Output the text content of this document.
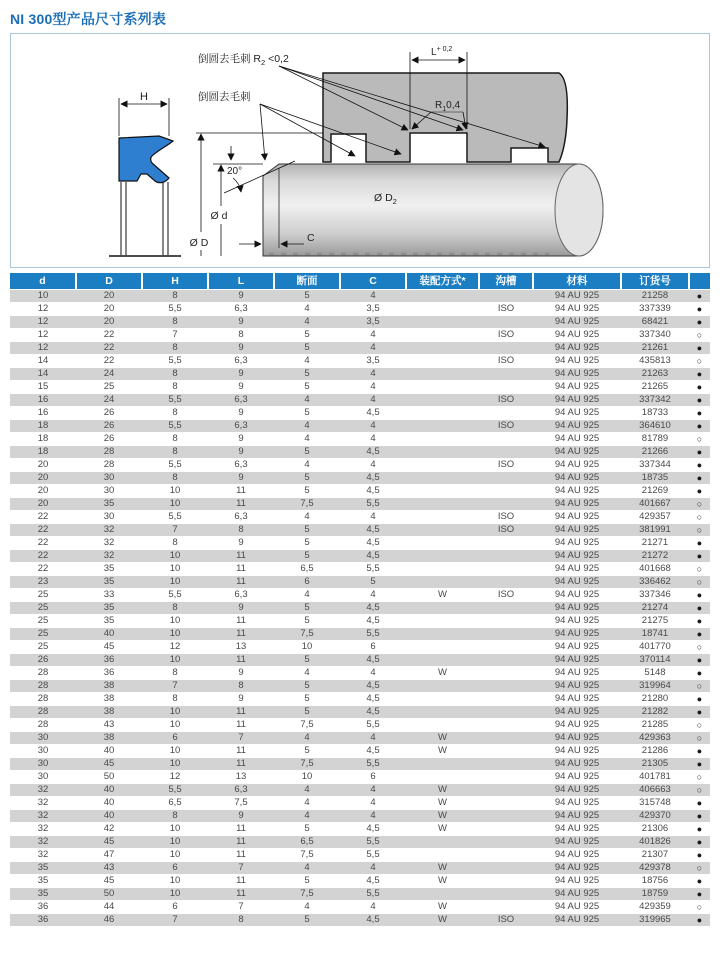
NI 300型产品尺寸系列表
H
倒圆去毛刺 $R_2 <0,2$
倒圆去毛刺
$L^{+ 0,2}$
$R_10,4$
Ø D
Ø d
20°
C
Ø $D_2$
d	D	H	L	断面	C	装配方式*	沟槽	材料	订货号	
10	20	8	9	5	4			94 AU 925	21258	●
12	20	5,5	6,3	4	3,5		ISO	94 AU 925	337339	●
12	20	8	9	4	3,5			94 AU 925	68421	●
12	22	7	8	5	4		ISO	94 AU 925	337340	○
12	22	8	9	5	4			94 AU 925	21261	●
14	22	5,5	6,3	4	3,5		ISO	94 AU 925	435813	○
14	24	8	9	5	4			94 AU 925	21263	●
15	25	8	9	5	4			94 AU 925	21265	●
16	24	5,5	6,3	4	4		ISO	94 AU 925	337342	●
16	26	8	9	5	4,5			94 AU 925	18733	●
18	26	5,5	6,3	4	4		ISO	94 AU 925	364610	●
18	26	8	9	4	4			94 AU 925	81789	○
18	28	8	9	5	4,5			94 AU 925	21266	●
20	28	5,5	6,3	4	4		ISO	94 AU 925	337344	●
20	30	8	9	5	4,5			94 AU 925	18735	●
20	30	10	11	5	4,5			94 AU 925	21269	●
20	35	10	11	7,5	5,5			94 AU 925	401667	○
22	30	5,5	6,3	4	4		ISO	94 AU 925	429357	○
22	32	7	8	5	4,5		ISO	94 AU 925	381991	○
22	32	8	9	5	4,5			94 AU 925	21271	●
22	32	10	11	5	4,5			94 AU 925	21272	●
22	35	10	11	6,5	5,5			94 AU 925	401668	○
23	35	10	11	6	5			94 AU 925	336462	○
25	33	5,5	6,3	4	4	W	ISO	94 AU 925	337346	●
25	35	8	9	5	4,5			94 AU 925	21274	●
25	35	10	11	5	4,5			94 AU 925	21275	●
25	40	10	11	7,5	5,5			94 AU 925	18741	●
25	45	12	13	10	6			94 AU 925	401770	○
26	36	10	11	5	4,5			94 AU 925	370114	●
28	36	8	9	4	4	W		94 AU 925	5148	●
28	38	7	8	5	4,5			94 AU 925	319964	○
28	38	8	9	5	4,5			94 AU 925	21280	●
28	38	10	11	5	4,5			94 AU 925	21282	●
28	43	10	11	7,5	5,5			94 AU 925	21285	○
30	38	6	7	4	4	W		94 AU 925	429363	○
30	40	10	11	5	4,5	W		94 AU 925	21286	●
30	45	10	11	7,5	5,5			94 AU 925	21305	●
30	50	12	13	10	6			94 AU 925	401781	○
32	40	5,5	6,3	4	4	W		94 AU 925	406663	○
32	40	6,5	7,5	4	4	W		94 AU 925	315748	●
32	40	8	9	4	4	W		94 AU 925	429370	●
32	42	10	11	5	4,5	W		94 AU 925	21306	●
32	45	10	11	6,5	5,5			94 AU 925	401826	●
32	47	10	11	7,5	5,5			94 AU 925	21307	●
35	43	6	7	4	4	W		94 AU 925	429378	○
35	45	10	11	5	4,5	W		94 AU 925	18756	●
35	50	10	11	7,5	5,5			94 AU 925	18759	●
36	44	6	7	4	4	W		94 AU 925	429359	○
36	46	7	8	5	4,5	W	ISO	94 AU 925	319965	●
